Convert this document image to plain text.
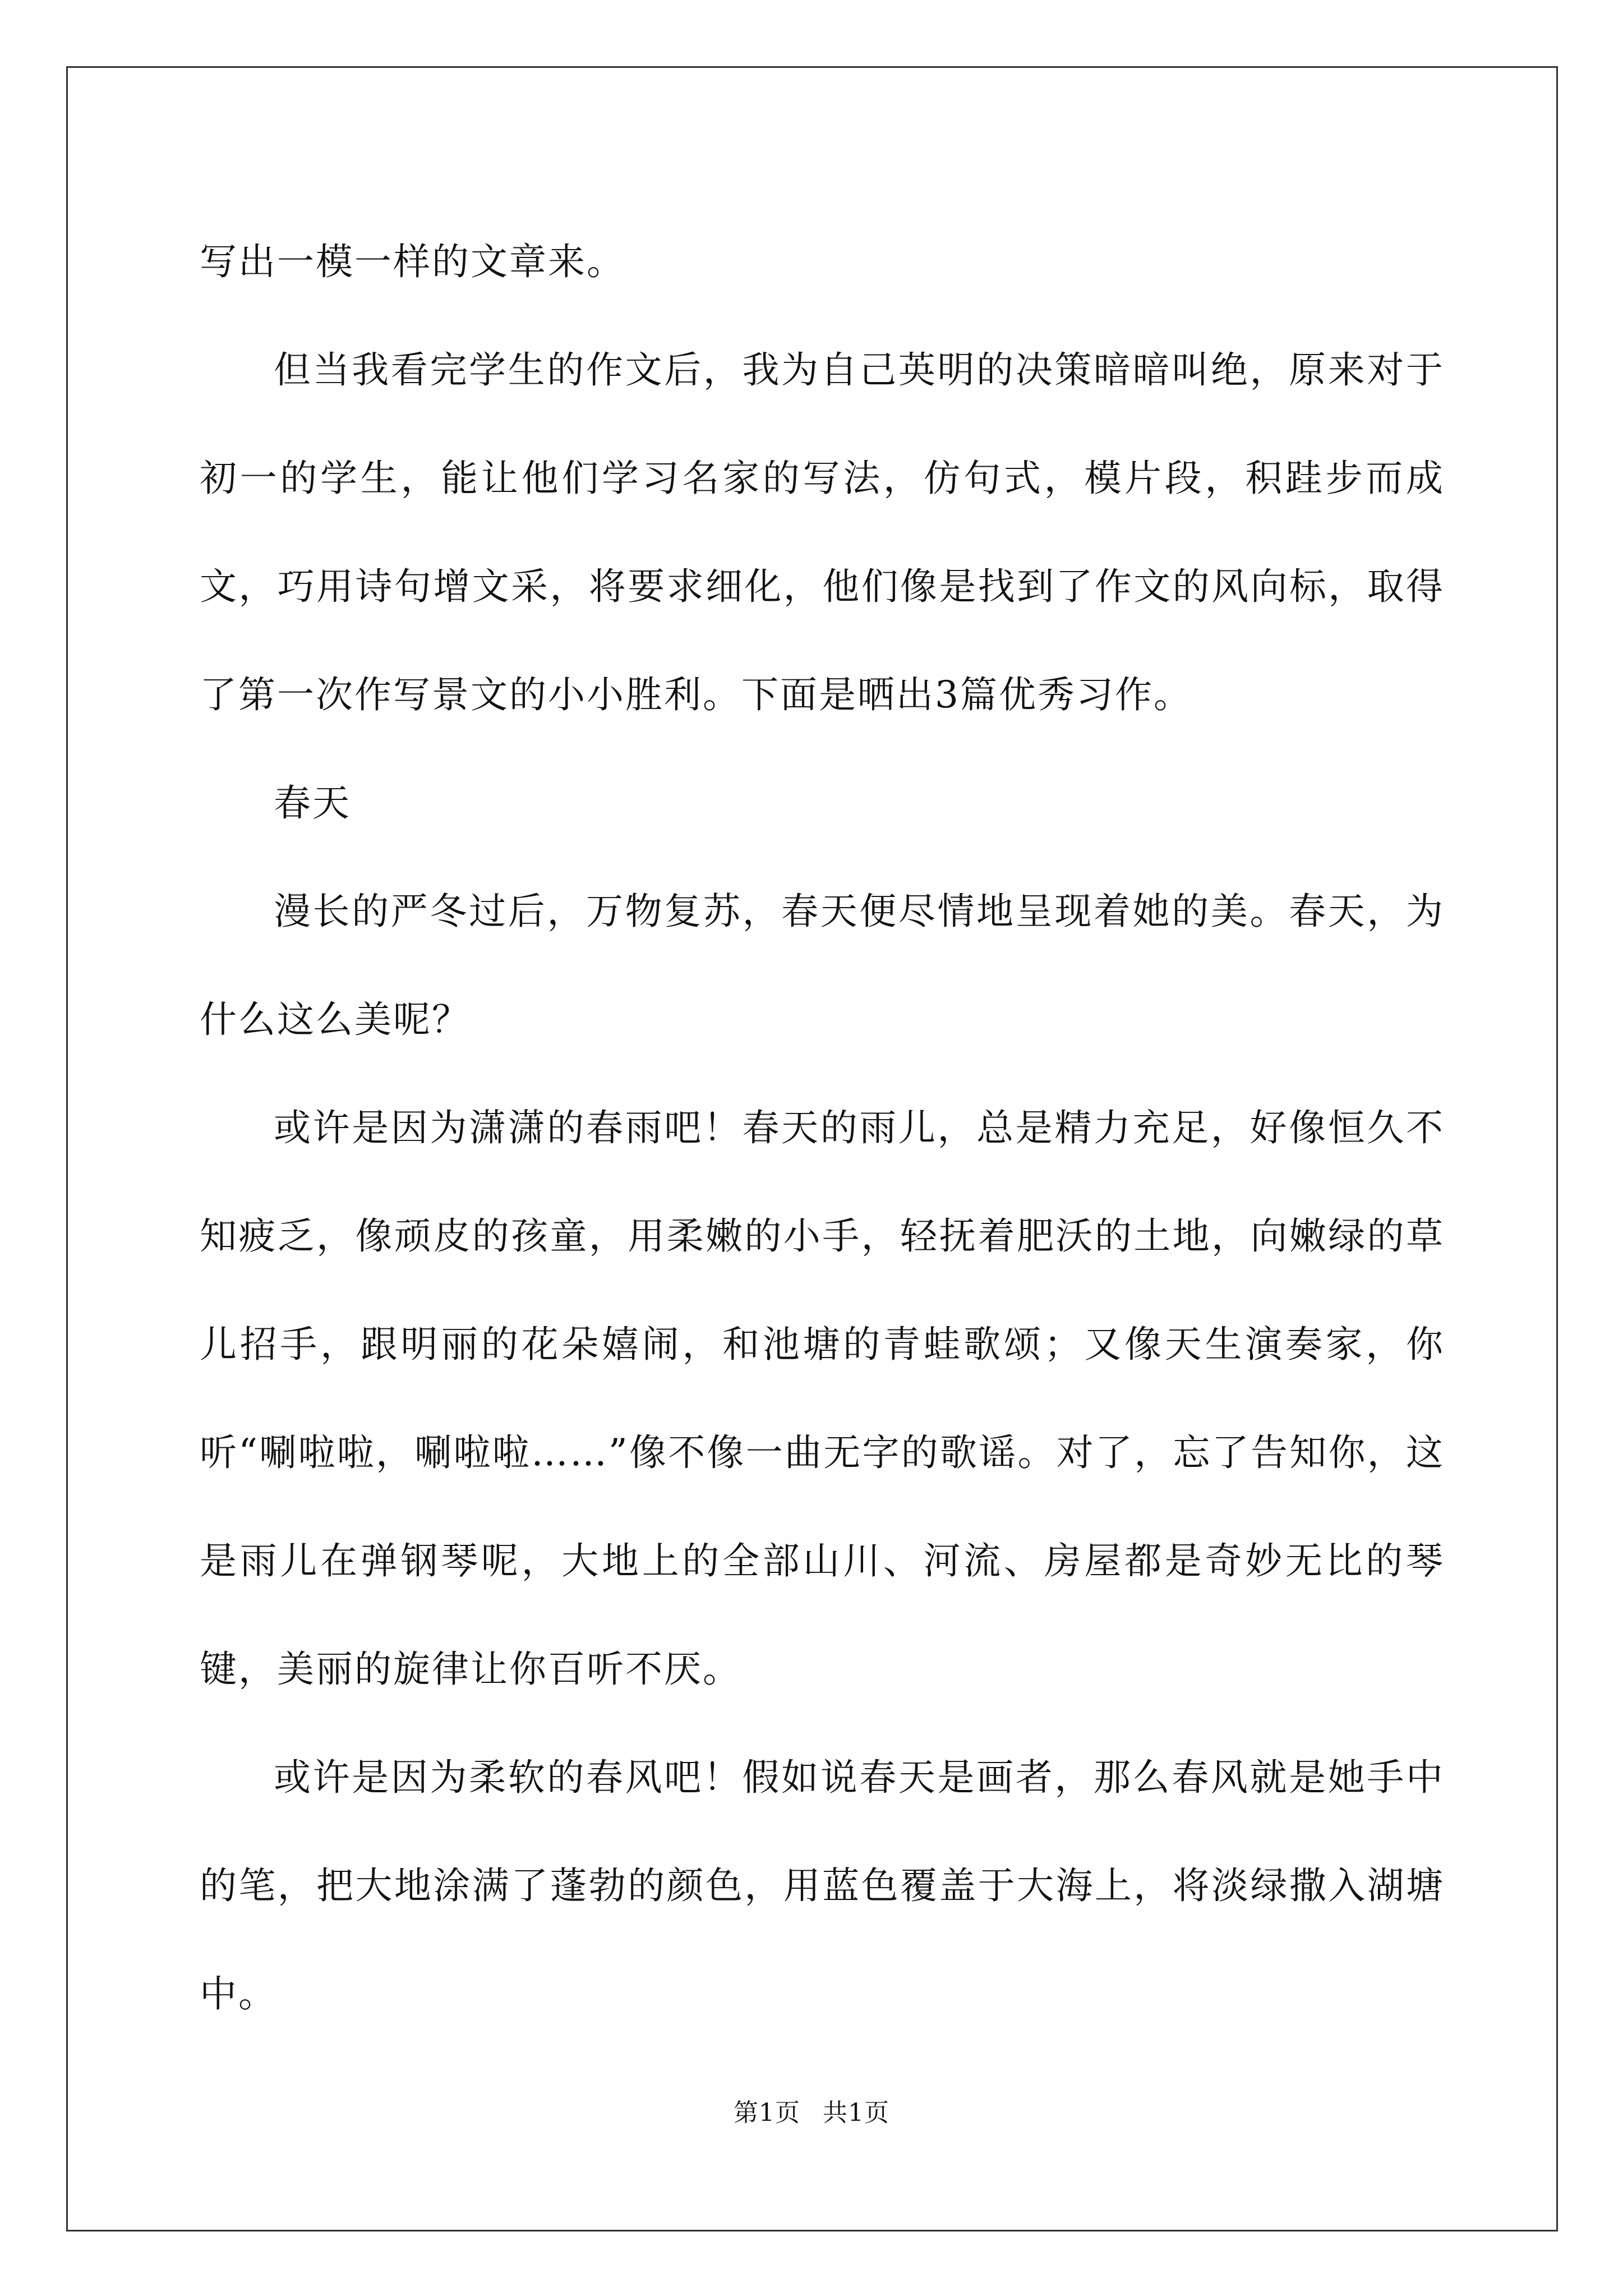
写出一模一样的文章来。

但当我看完学生的作文后，我为自己英明的决策暗暗叫绝，原来对于初一的学生，能让他们学习名家的写法，仿句式，模片段，积跬步而成文，巧用诗句增文采，将要求细化，他们像是找到了作文的风向标，取得了第一次作写景文的小小胜利。下面是晒出3篇优秀习作。

春天

漫长的严冬过后，万物复苏，春天便尽情地呈现着她的美。春天，为什么这么美呢？

或许是因为潇潇的春雨吧！春天的雨儿，总是精力充足，好像恒久不知疲乏，像顽皮的孩童，用柔嫩的小手，轻抚着肥沃的土地，向嫩绿的草儿招手，跟明丽的花朵嬉闹，和池塘的青蛙歌颂；又像天生演奏家，你听“唰啦啦，唰啦啦……”像不像一曲无字的歌谣。对了，忘了告知你，这是雨儿在弹钢琴呢，大地上的全部山川、河流、房屋都是奇妙无比的琴键，美丽的旋律让你百听不厌。

或许是因为柔软的春风吧！假如说春天是画者，那么春风就是她手中的笔，把大地涂满了蓬勃的颜色，用蓝色覆盖于大海上，将淡绿撒入湖塘中。

第1页 共1页
